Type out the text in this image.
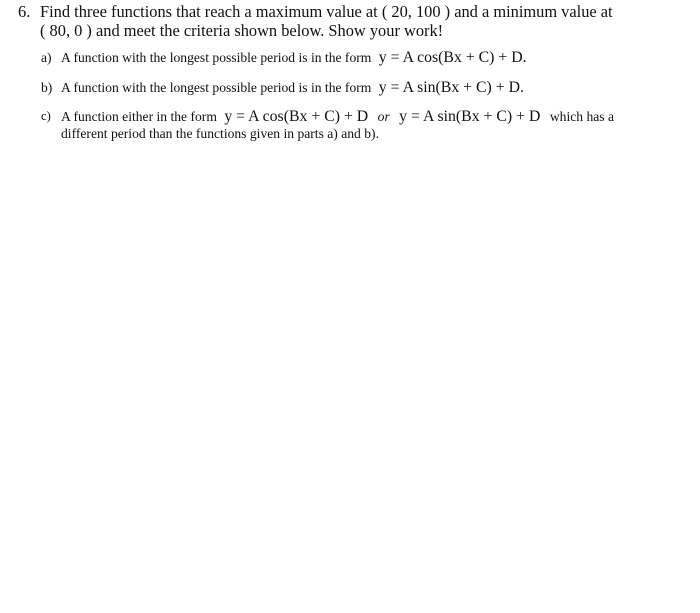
6. Find three functions that reach a maximum value at ( 20, 100 ) and a minimum value at
( 80, 0 ) and meet the criteria shown below. Show your work!
a) A function with the longest possible period is in the form y = A cos(Bx + C) + D.
b) A function with the longest possible period is in the form y = A sin(Bx + C) + D.
c) A function either in the form y = A cos(Bx + C) + D or y = A sin(Bx + C) + D which has a
different period than the functions given in parts a) and b).
